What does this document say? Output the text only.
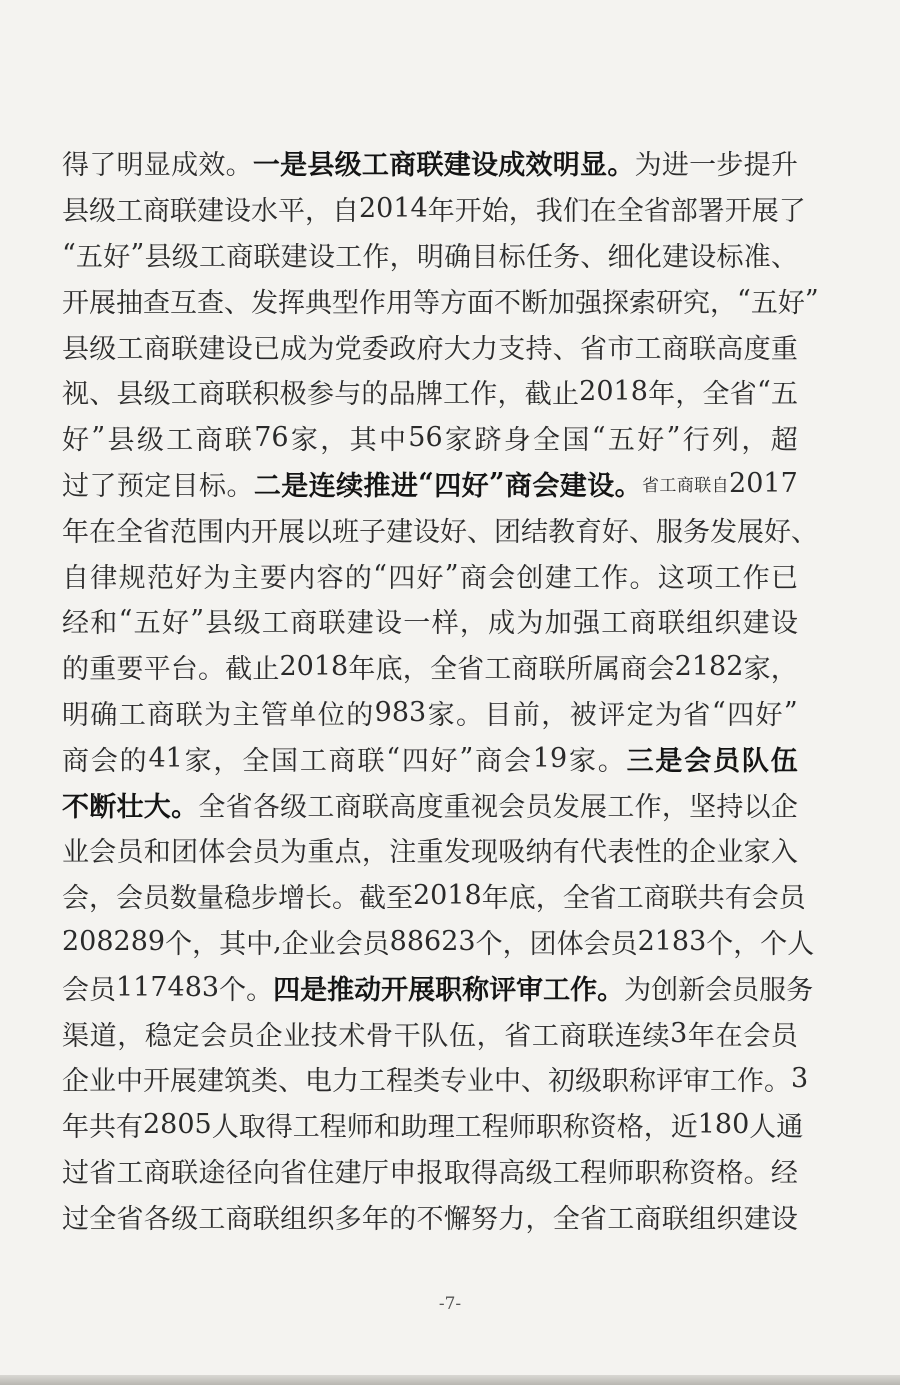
得 了 明 显 成 效 。 一 是 县 级 工 商 联 建 设 成 效 明 显 。 为 进 一 步 提 升
县 级 工 商 联 建 设 水 平 ， 自 2014 年 开 始 ， 我 们 在 全 省 部 署 开 展 了
“ 五 好 ” 县 级 工 商 联 建 设 工 作 ， 明 确 目 标 任 务 、 细 化 建 设 标 准 、
开 展 抽 查 互 查 、 发 挥 典 型 作 用 等 方 面 不 断 加 强 探 索 研 究 ， “ 五 好 ”
县 级 工 商 联 建 设 已 成 为 党 委 政 府 大 力 支 持 、 省 市 工 商 联 高 度 重
视 、 县 级 工 商 联 积 极 参 与 的 品 牌 工 作 ， 截 止 2018 年 ， 全 省 “ 五
好 ” 县 级 工 商 联 76 家 ， 其 中 56 家 跻 身 全 国 “ 五 好 ” 行 列 ， 超
过 了 预 定 目 标 。 二 是 连 续 推 进 “ 四 好 ” 商 会 建 设 。 省 工 商 联 自 2017
年 在 全 省 范 围 内 开 展 以 班 子 建 设 好 、 团 结 教 育 好 、 服 务 发 展 好 、
自 律 规 范 好 为 主 要 内 容 的 “ 四 好 ” 商 会 创 建 工 作 。 这 项 工 作 已
经 和 “ 五 好 ” 县 级 工 商 联 建 设 一 样 ， 成 为 加 强 工 商 联 组 织 建 设
的 重 要 平 台 。 截 止 2018 年 底 ， 全 省 工 商 联 所 属 商 会 2182 家 ，
明 确 工 商 联 为 主 管 单 位 的 983 家 。 目 前 ， 被 评 定 为 省 “ 四 好 ”
商 会 的 41 家 ， 全 国 工 商 联 “ 四 好 ” 商 会 19 家 。 三 是 会 员 队 伍
不 断 壮 大 。 全 省 各 级 工 商 联 高 度 重 视 会 员 发 展 工 作 ， 坚 持 以 企
业 会 员 和 团 体 会 员 为 重 点 ， 注 重 发 现 吸 纳 有 代 表 性 的 企 业 家 入
会 ， 会 员 数 量 稳 步 增 长 。 截 至 2018 年 底 ， 全 省 工 商 联 共 有 会 员
208289 个 ， 其 中 , 企 业 会 员 88623 个 ， 团 体 会 员 2183 个 ， 个 人
会 员 117483 个 。 四 是 推 动 开 展 职 称 评 审 工 作 。 为 创 新 会 员 服 务
渠 道 ， 稳 定 会 员 企 业 技 术 骨 干 队 伍 ， 省 工 商 联 连 续 3 年 在 会 员
企 业 中 开 展 建 筑 类 、 电 力 工 程 类 专 业 中 、 初 级 职 称 评 审 工 作 。 3
年 共 有 2805 人 取 得 工 程 师 和 助 理 工 程 师 职 称 资 格 ， 近 180 人 通
过 省 工 商 联 途 径 向 省 住 建 厅 申 报 取 得 高 级 工 程 师 职 称 资 格 。 经
过 全 省 各 级 工 商 联 组 织 多 年 的 不 懈 努 力 ， 全 省 工 商 联 组 织 建 设
-7-
